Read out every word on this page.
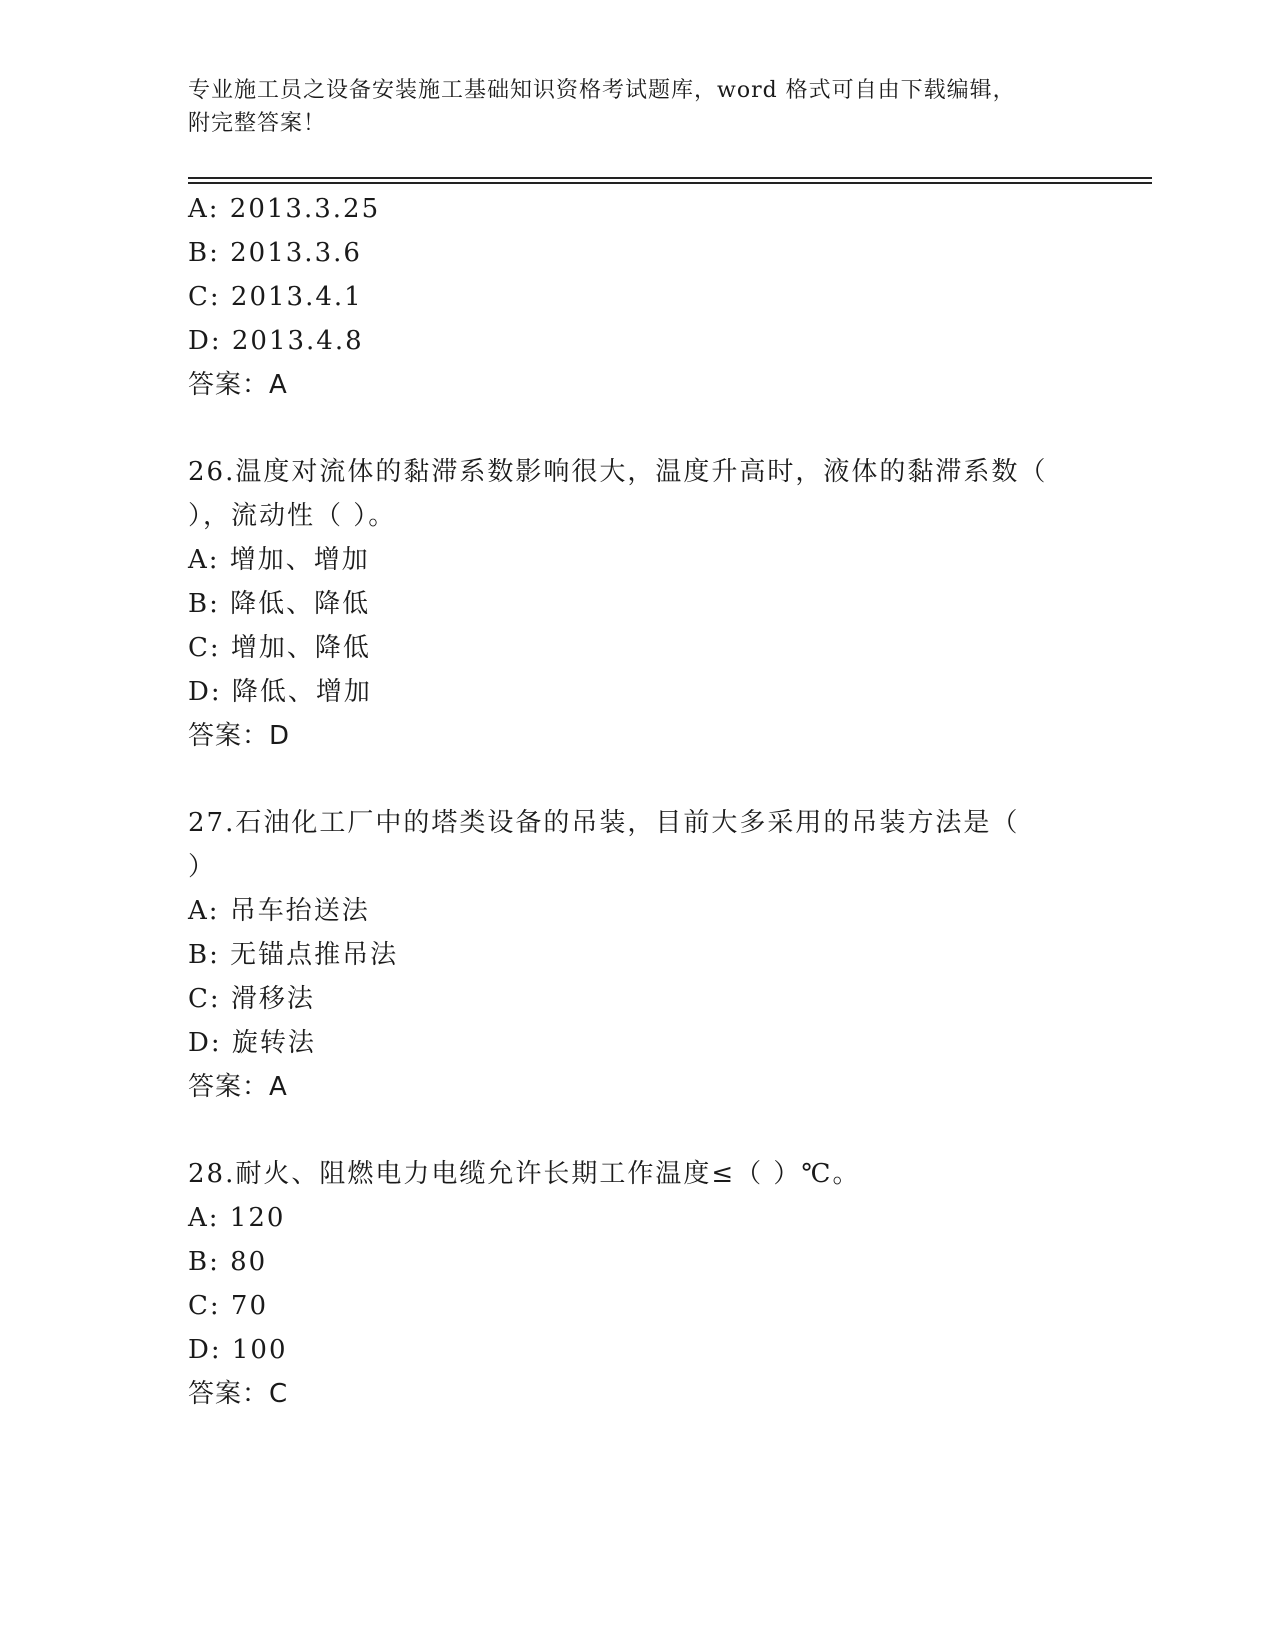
专业施工员之设备安装施工基础知识资格考试题库，word 格式可自由下载编辑，
附完整答案！
A: 2013.3.25
B: 2013.3.6
C: 2013.4.1
D: 2013.4.8
答案：A
26.温度对流体的黏滞系数影响很大，温度升高时，液体的黏滞系数（
），流动性（ ）。
A: 增加、增加
B: 降低、降低
C: 增加、降低
D: 降低、增加
答案：D
27.石油化工厂中的塔类设备的吊装，目前大多采用的吊装方法是（
）
A: 吊车抬送法
B: 无锚点推吊法
C: 滑移法
D: 旋转法
答案：A
28.耐火、阻燃电力电缆允许长期工作温度≤（ ）℃。
A: 120
B: 80
C: 70
D: 100
答案：C
